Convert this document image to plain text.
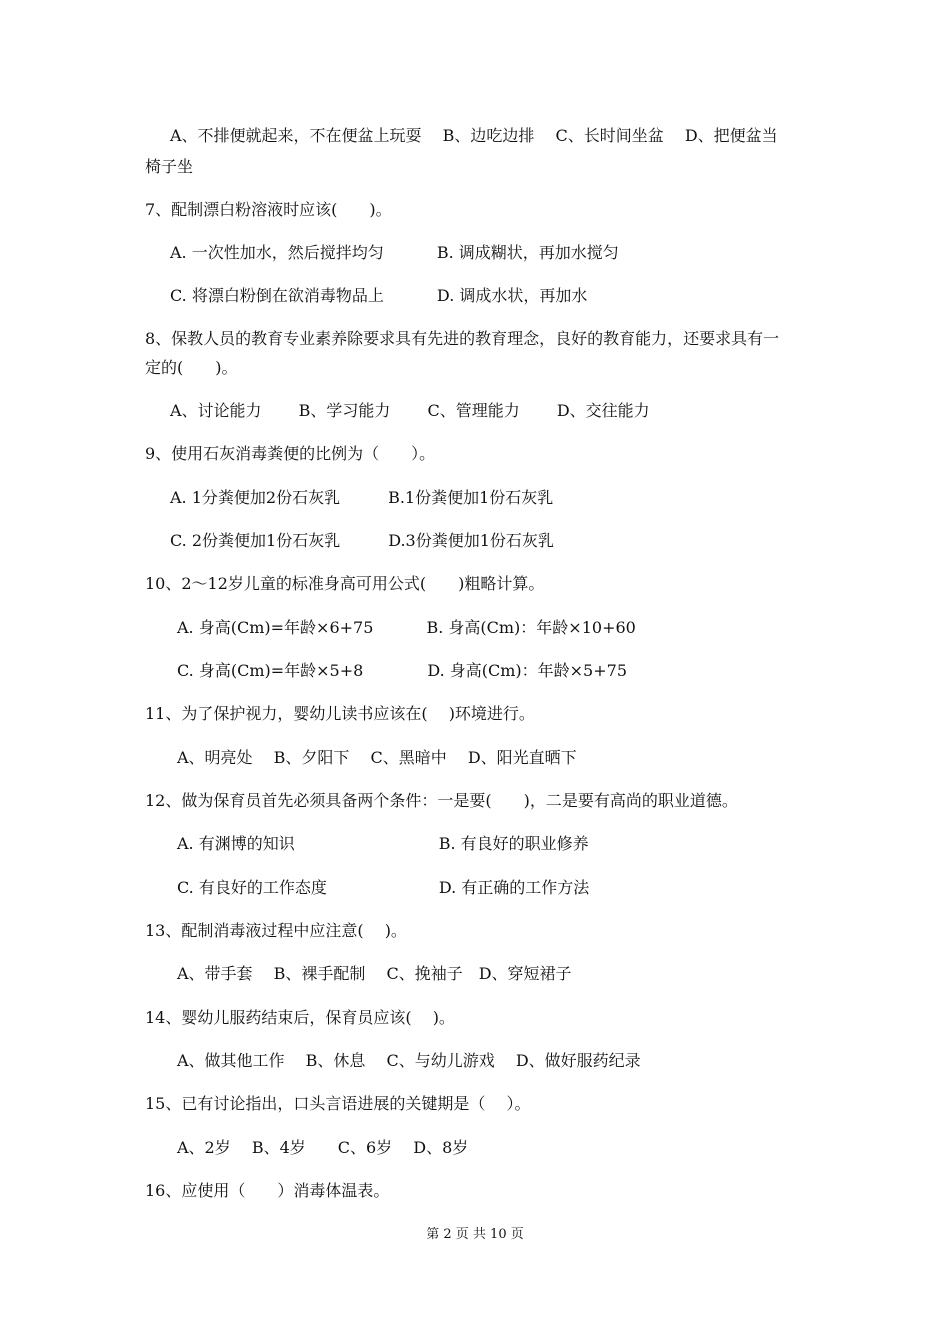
A、不排便就起来，不在便盆上玩耍　 B、边吃边排　 C、长时间坐盆　 D、把便盆当
椅子坐
7、配制漂白粉溶液时应该(　　)。
A. 一次性加水，然后搅拌均匀　　　 B. 调成糊状，再加水搅匀
C. 将漂白粉倒在欲消毒物品上　　　 D. 调成水状，再加水
8、保教人员的教育专业素养除要求具有先进的教育理念，良好的教育能力，还要求具有一
定的(　　)。
A、讨论能力　　 B、学习能力　　 C、管理能力　　 D、交往能力
9、使用石灰消毒粪便的比例为（　　）。
A. 1分粪便加2份石灰乳　　　B.1份粪便加1份石灰乳
C. 2份粪便加1份石灰乳　　　D.3份粪便加1份石灰乳
10、2～12岁儿童的标准身高可用公式(　　)粗略计算。
A. 身高(Cm)=年龄×6+75　　　 B. 身高(Cm)：年龄×10+60
C. 身高(Cm)=年龄×5+8　　　　D. 身高(Cm)：年龄×5+75
11、为了保护视力，婴幼儿读书应该在(　 )环境进行。
A、明亮处　 B、夕阳下　 C、黑暗中　 D、阳光直晒下
12、做为保育员首先必须具备两个条件：一是要(　　)，二是要有高尚的职业道德。
A. 有渊博的知识　　　　　　　　　B. 有良好的职业修养
C. 有良好的工作态度　　　　　　　D. 有正确的工作方法
13、配制消毒液过程中应注意(　 )。
A、带手套　 B、裸手配制　 C、挽袖子　D、穿短裙子
14、婴幼儿服药结束后，保育员应该(　 )。
A、做其他工作　 B、休息　 C、与幼儿游戏　 D、做好服药纪录
15、已有讨论指出，口头言语进展的关键期是（　 ）。
A、2岁　 B、4岁　　C、6岁　 D、8岁
16、应使用（　　）消毒体温表。
第 2 页 共 10 页
